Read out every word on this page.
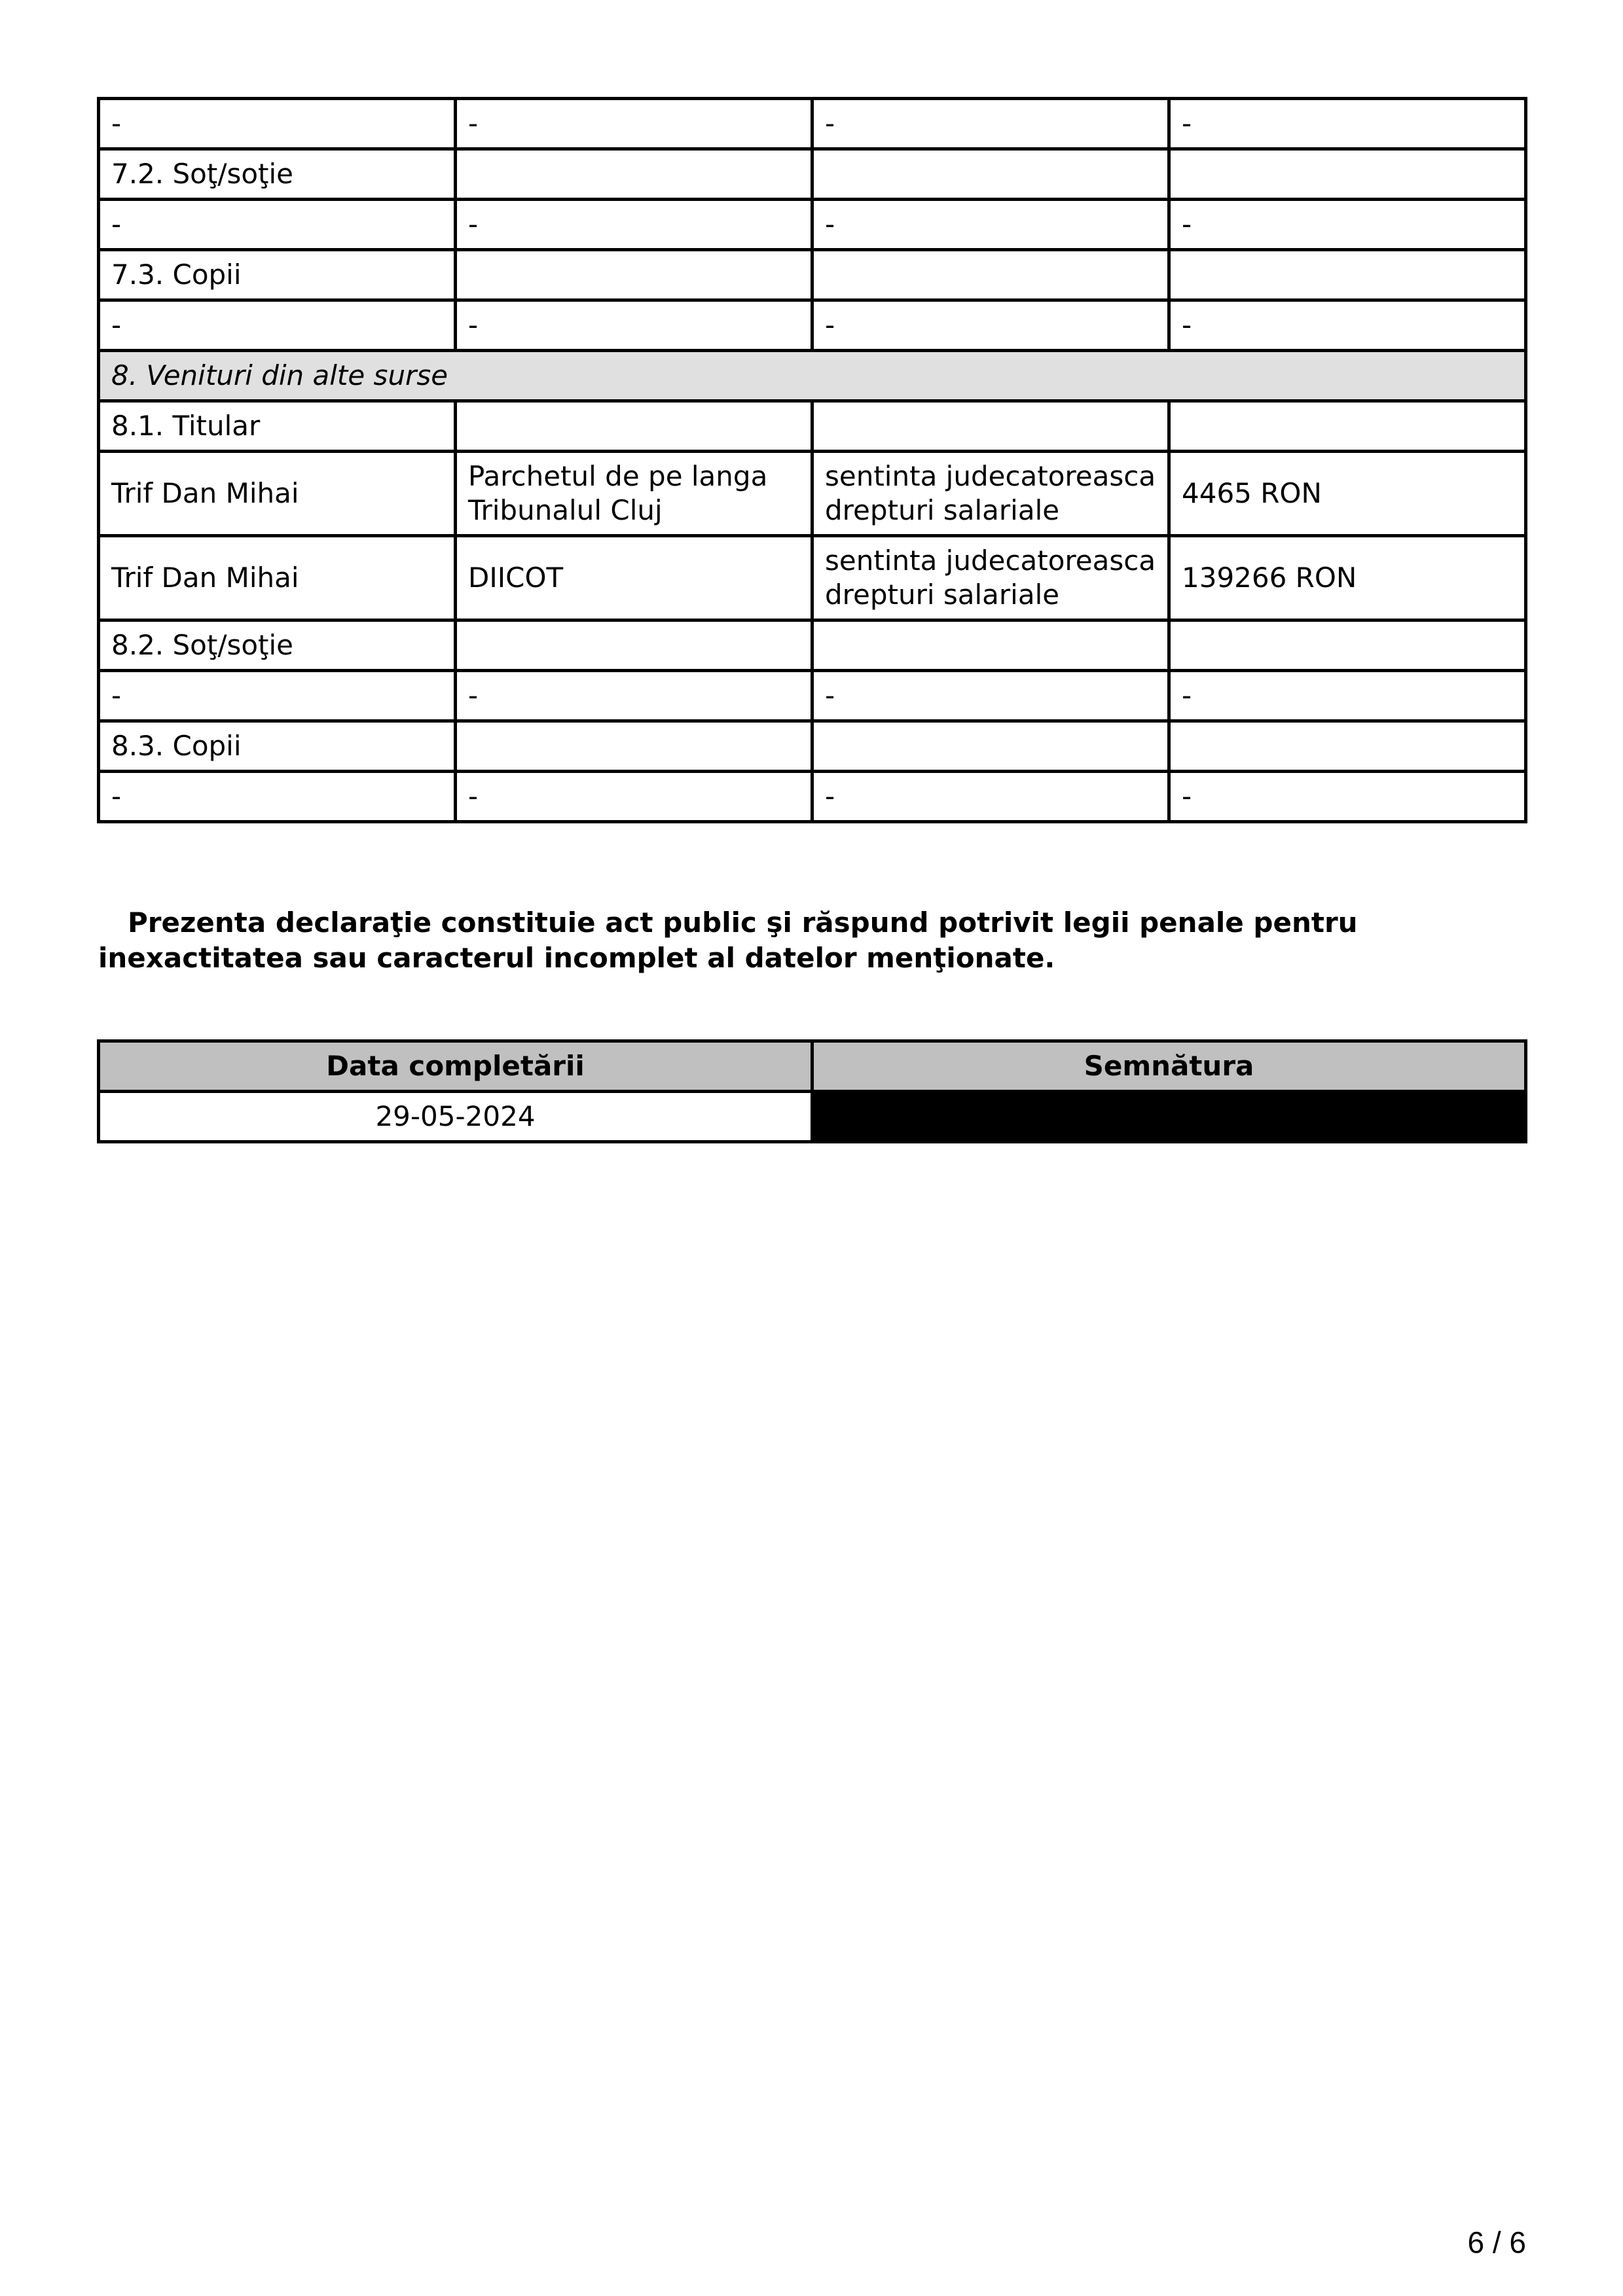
-	-	-	-
7.2. Soţ/soţie			
-	-	-	-
7.3. Copii			
-	-	-	-
8. Venituri din alte surse			
8.1. Titular			
Trif Dan Mihai	Parchetul de pe langa Tribunalul Cluj	sentinta judecatoreasca drepturi salariale	4465 RON
Trif Dan Mihai	DIICOT	sentinta judecatoreasca drepturi salariale	139266 RON
8.2. Soţ/soţie			
-	-	-	-
8.3. Copii			
-	-	-	-

Prezenta declaraţie constituie act public şi răspund potrivit legii penale pentru inexactitatea sau caracterul incomplet al datelor menţionate.

Data completării	Semnătura
29-05-2024	
6 / 6
